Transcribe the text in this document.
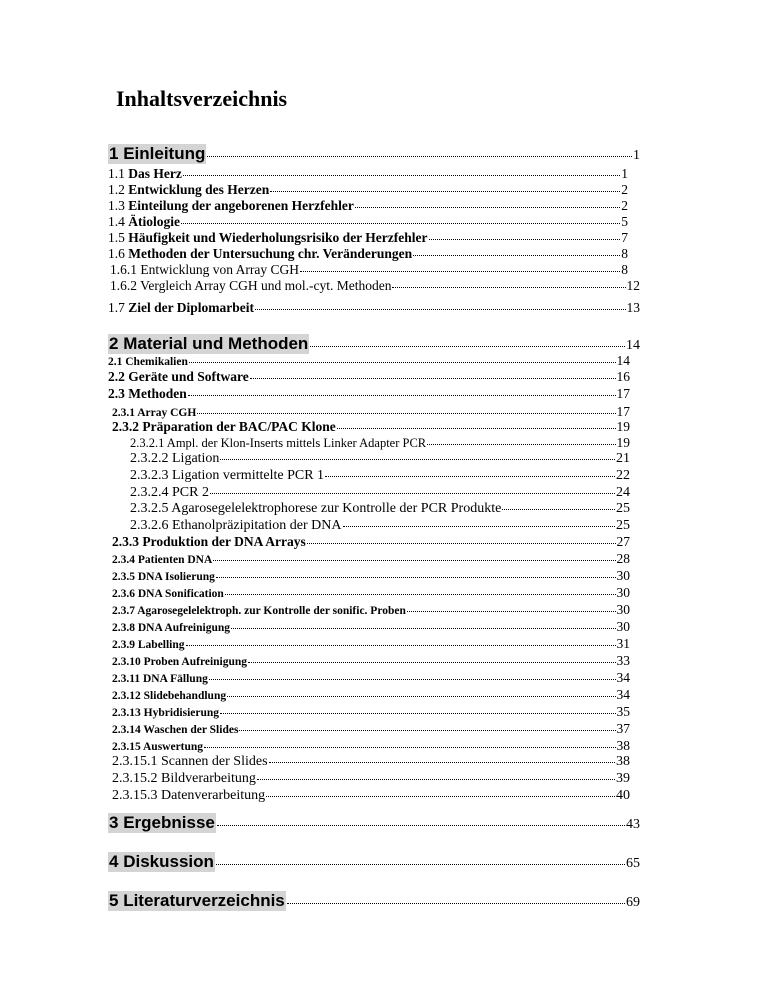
Inhaltsverzeichnis
1 Einleitung	1
1.1 Das Herz	1
1.2 Entwicklung des Herzen	2
1.3 Einteilung der angeborenen Herzfehler	2
1.4 Ätiologie	5
1.5 Häufigkeit und Wiederholungsrisiko der Herzfehler	7
1.6 Methoden der Untersuchung chr. Veränderungen	8
1.6.1 Entwicklung von Array CGH	8
1.6.2 Vergleich Array CGH und mol.-cyt. Methoden	12
1.7 Ziel der Diplomarbeit	13
2 Material und Methoden	14
2.1 Chemikalien	14
2.2 Geräte und Software	16
2.3 Methoden	17
2.3.1 Array CGH	17
2.3.2 Präparation der BAC/PAC Klone	19
2.3.2.1 Ampl. der Klon-Inserts mittels Linker Adapter PCR	19
2.3.2.2 Ligation	21
2.3.2.3 Ligation vermittelte PCR 1	22
2.3.2.4 PCR 2	24
2.3.2.5 Agarosegelelektrophorese zur Kontrolle der PCR Produkte	25
2.3.2.6 Ethanolpräzipitation der DNA	25
2.3.3 Produktion der DNA Arrays	27
2.3.4 Patienten DNA	28
2.3.5 DNA Isolierung	30
2.3.6 DNA Sonification	30
2.3.7 Agarosegelelektroph. zur Kontrolle der sonific. Proben	30
2.3.8 DNA Aufreinigung	30
2.3.9 Labelling	31
2.3.10 Proben Aufreinigung	33
2.3.11 DNA Fällung	34
2.3.12 Slidebehandlung	34
2.3.13 Hybridisierung	35
2.3.14 Waschen der Slides	37
2.3.15 Auswertung	38
2.3.15.1 Scannen der Slides	38
2.3.15.2 Bildverarbeitung	39
2.3.15.3 Datenverarbeitung	40
3 Ergebnisse	43
4 Diskussion	65
5 Literaturverzeichnis	69
